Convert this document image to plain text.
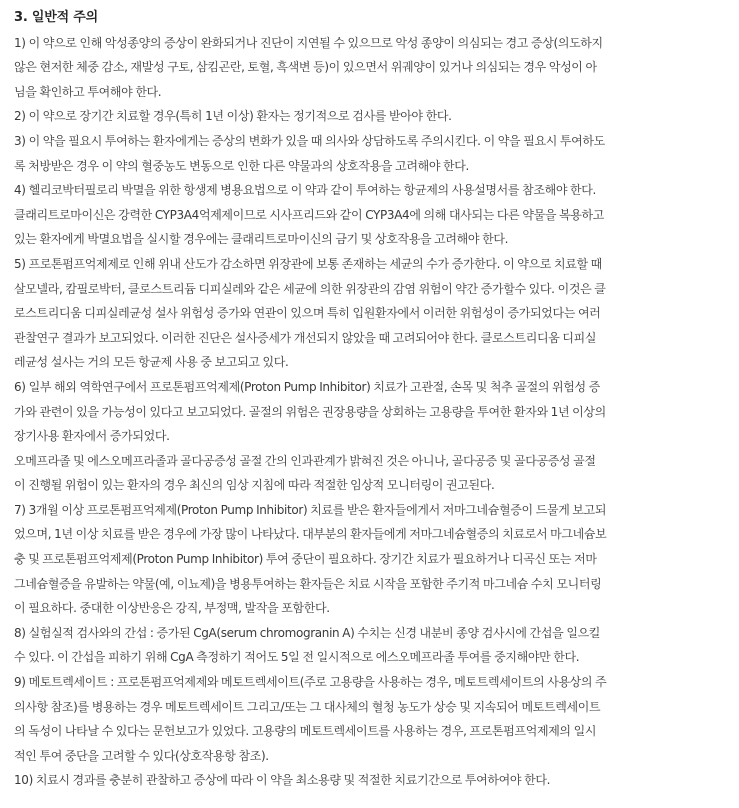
3. 일반적 주의

1) 이 약으로 인해 악성종양의 증상이 완화되거나 진단이 지연될 수 있으므로 악성 종양이 의심되는 경고 증상(의도하지

않은 현저한 체중 감소, 재발성 구토, 삼킴곤란, 토혈, 흑색변 등)이 있으면서 위궤양이 있거나 의심되는 경우 악성이 아

님을 확인하고 투여해야 한다.

2) 이 약으로 장기간 치료할 경우(특히 1년 이상) 환자는 정기적으로 검사를 받아야 한다.

3) 이 약을 필요시 투여하는 환자에게는 증상의 변화가 있을 때 의사와 상담하도록 주의시킨다. 이 약을 필요시 투여하도

록 처방받은 경우 이 약의 혈중농도 변동으로 인한 다른 약물과의 상호작용을 고려해야 한다.

4) 헬리코박터필로리 박멸을 위한 항생제 병용요법으로 이 약과 같이 투여하는 항균제의 사용설명서를 참조해야 한다.

클래리트로마이신은 강력한 CYP3A4억제제이므로 시사프리드와 같이 CYP3A4에 의해 대사되는 다른 약물을 복용하고

있는 환자에게 박멸요법을 실시할 경우에는 클래리트로마이신의 금기 및 상호작용을 고려해야 한다.

5) 프로톤펌프억제제로 인해 위내 산도가 감소하면 위장관에 보통 존재하는 세균의 수가 증가한다. 이 약으로 치료할 때

살모넬라, 캄필로박터, 클로스트리듐 디피실레와 같은 세균에 의한 위장관의 감염 위험이 약간 증가할수 있다. 이것은 클

로스트리디움 디피실레균성 설사 위험성 증가와 연관이 있으며 특히 입원환자에서 이러한 위험성이 증가되었다는 여러

관찰연구 결과가 보고되었다. 이러한 진단은 설사증세가 개선되지 않았을 때 고려되어야 한다. 클로스트리디움 디피실

레균성 설사는 거의 모든 항균제 사용 중 보고되고 있다.

6) 일부 해외 역학연구에서 프로톤펌프억제제(Proton Pump Inhibitor) 치료가 고관절, 손목 및 척추 골절의 위험성 증

가와 관련이 있을 가능성이 있다고 보고되었다. 골절의 위험은 권장용량을 상회하는 고용량을 투여한 환자와 1년 이상의

장기사용 환자에서 증가되었다.

오메프라졸 및 에스오메프라졸과 골다공증성 골절 간의 인과관계가 밝혀진 것은 아니나, 골다공증 및 골다공증성 골절

이 진행될 위험이 있는 환자의 경우 최신의 임상 지침에 따라 적절한 임상적 모니터링이 권고된다.

7) 3개월 이상 프로톤펌프억제제(Proton Pump Inhibitor) 치료를 받은 환자들에게서 저마그네슘혈증이 드물게 보고되

었으며, 1년 이상 치료를 받은 경우에 가장 많이 나타났다. 대부분의 환자들에게 저마그네슘혈증의 치료로서 마그네슘보

충 및 프로톤펌프억제제(Proton Pump Inhibitor) 투여 중단이 필요하다. 장기간 치료가 필요하거나 디곡신 또는 저마

그네슘혈증을 유발하는 약물(예, 이뇨제)을 병용투여하는 환자들은 치료 시작을 포함한 주기적 마그네슘 수치 모니터링

이 필요하다. 중대한 이상반응은 강직, 부정맥, 발작을 포함한다.

8) 실험실적 검사와의 간섭 : 증가된 CgA(serum chromogranin A) 수치는 신경 내분비 종양 검사시에 간섭을 일으킬

수 있다. 이 간섭을 피하기 위해 CgA 측정하기 적어도 5일 전 일시적으로 에스오메프라졸 투여를 중지해야만 한다.

9) 메토트렉세이트 : 프로톤펌프억제제와 메토트렉세이트(주로 고용량을 사용하는 경우, 메토트렉세이트의 사용상의 주

의사항 참조)를 병용하는 경우 메토트렉세이트 그리고/또는 그 대사체의 혈청 농도가 상승 및 지속되어 메토트렉세이트

의 독성이 나타날 수 있다는 문헌보고가 있었다. 고용량의 메토트렉세이트를 사용하는 경우, 프로톤펌프억제제의 일시

적인 투여 중단을 고려할 수 있다(상호작용항 참조).

10) 치료시 경과를 충분히 관찰하고 증상에 따라 이 약을 최소용량 및 적절한 치료기간으로 투여하여야 한다.
